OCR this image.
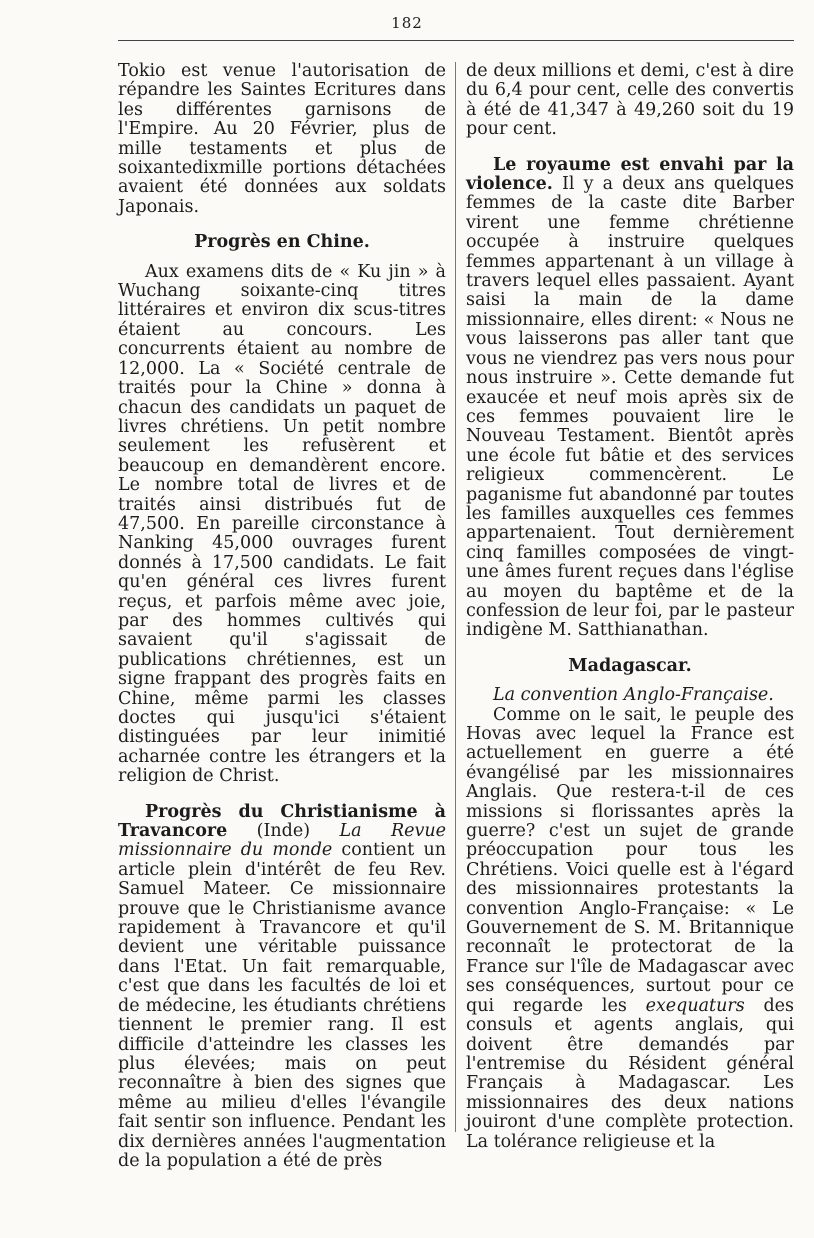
182

Tokio est venue l'autorisation de répandre les Saintes Ecritures dans les différentes garnisons de l'Empire. Au 20 Février, plus de mille testaments et plus de soixantedixmille portions détachées avaient été données aux soldats Japonais.

Progrès en Chine.

Aux examens dits de « Ku jin » à Wuchang soixante-cinq titres littéraires et environ dix scus-titres étaient au concours. Les concurrents étaient au nombre de 12,000. La « Société centrale de traités pour la Chine » donna à chacun des candidats un paquet de livres chrétiens. Un petit nombre seulement les refusèrent et beaucoup en demandèrent encore. Le nombre total de livres et de traités ainsi distribués fut de 47,500. En pareille circonstance à Nanking 45,000 ouvrages furent donnés à 17,500 candidats. Le fait qu'en général ces livres furent reçus, et parfois même avec joie, par des hommes cultivés qui savaient qu'il s'agissait de publications chrétiennes, est un signe frappant des progrès faits en Chine, même parmi les classes doctes qui jusqu'ici s'étaient distinguées par leur inimitié acharnée contre les étrangers et la religion de Christ.

Progrès du Christianisme à Travancore (Inde) La Revue missionnaire du monde contient un article plein d'intérêt de feu Rev. Samuel Mateer. Ce missionnaire prouve que le Christianisme avance rapidement à Travancore et qu'il devient une véritable puissance dans l'Etat. Un fait remarquable, c'est que dans les facultés de loi et de médecine, les étudiants chrétiens tiennent le premier rang. Il est difficile d'atteindre les classes les plus élevées; mais on peut reconnaître à bien des signes que même au milieu d'elles l'évangile fait sentir son influence. Pendant les dix dernières années l'augmentation de la population a été de près

de deux millions et demi, c'est à dire du 6,4 pour cent, celle des convertis à été de 41,347 à 49,260 soit du 19 pour cent.

Le royaume est envahi par la violence. Il y a deux ans quelques femmes de la caste dite Barber virent une femme chrétienne occupée à instruire quelques femmes appartenant à un village à travers lequel elles passaient. Ayant saisi la main de la dame missionnaire, elles dirent: « Nous ne vous laisserons pas aller tant que vous ne viendrez pas vers nous pour nous instruire ». Cette demande fut exaucée et neuf mois après six de ces femmes pouvaient lire le Nouveau Testament. Bientôt après une école fut bâtie et des services religieux commencèrent. Le paganisme fut abandonné par toutes les familles auxquelles ces femmes appartenaient. Tout dernièrement cinq familles composées de vingt-une âmes furent reçues dans l'église au moyen du baptême et de la confession de leur foi, par le pasteur indigène M. Satthianathan.

Madagascar.

La convention Anglo-Française.

Comme on le sait, le peuple des Hovas avec lequel la France est actuellement en guerre a été évangélisé par les missionnaires Anglais. Que restera-t-il de ces missions si florissantes après la guerre? c'est un sujet de grande préoccupation pour tous les Chrétiens. Voici quelle est à l'égard des missionnaires protestants la convention Anglo-Française: « Le Gouvernement de S. M. Britannique reconnaît le protectorat de la France sur l'île de Madagascar avec ses conséquences, surtout pour ce qui regarde les exequaturs des consuls et agents anglais, qui doivent être demandés par l'entremise du Résident général Français à Madagascar. Les missionnaires des deux nations jouiront d'une complète protection. La tolérance religieuse et la
